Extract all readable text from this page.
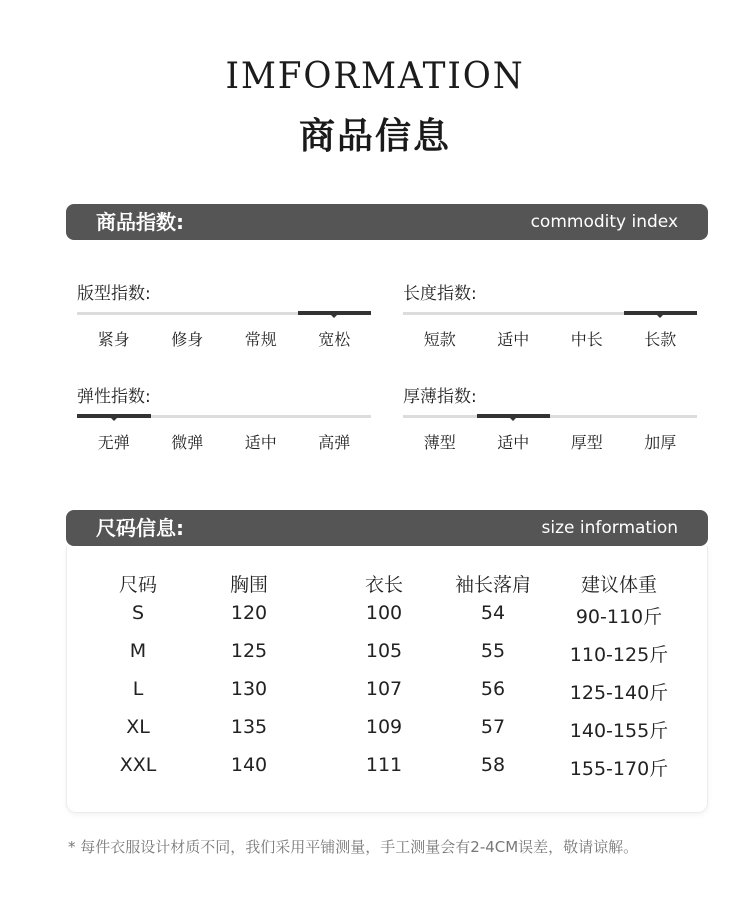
IMFORMATION
商品信息
商品指数:	commodity index
版型指数:
紧身	修身	常规	宽松
长度指数:
短款	适中	中长	长款
弹性指数:
无弹	微弹	适中	高弹
厚薄指数:
薄型	适中	厚型	加厚
尺码信息:	size information
尺码	胸围	衣长	袖长落肩	建议体重
S	120	100	54	90-110斤
M	125	105	55	110-125斤
L	130	107	56	125-140斤
XL	135	109	57	140-155斤
XXL	140	111	58	155-170斤
* 每件衣服设计材质不同，我们采用平铺测量，手工测量会有2-4CM误差，敬请谅解。
